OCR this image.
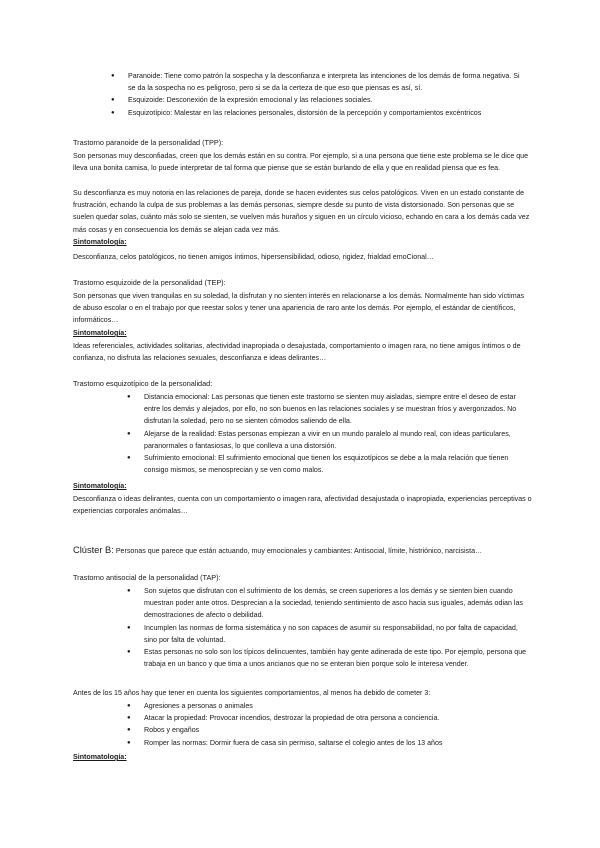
● Paranoide: Tiene como patrón la sospecha y la desconfianza e interpreta las intenciones de los demás de forma negativa. Si se da la sospecha no es peligroso, pero si se da la certeza de que eso que piensas es así, sí.
● Esquizoide: Desconexión de la expresión emocional y las relaciones sociales.
● Esquizotípico: Malestar en las relaciones personales, distorsión de la percepción y comportamientos excéntricos

Trastorno paranoide de la personalidad (TPP):

Son personas muy desconfiadas, creen que los demás están en su contra. Por ejemplo, si a una persona que tiene este problema se le dice que lleva una bonita camisa, lo puede interpretar de tal forma que piense que se están burlando de ella y que en realidad piensa que es fea.

Su desconfianza es muy notoria en las relaciones de pareja, donde se hacen evidentes sus celos patológicos. Viven en un estado constante de frustración, echando la culpa de sus problemas a las demás personas, siempre desde su punto de vista distorsionado. Son personas que se suelen quedar solas, cuánto más solo se sienten, se vuelven más huraños y siguen en un círculo vicioso, echando en cara a los demás cada vez más cosas y en consecuencia los demás se alejan cada vez más.

Sintomatología:

Desconfianza, celos patológicos, no tienen amigos íntimos, hipersensibilidad, odioso, rigidez, frialdad emoCional…

Trastorno esquizoide de la personalidad (TEP):

Son personas que viven tranquilas en su soledad, la disfrutan y no sienten interés en relacionarse a los demás. Normalmente han sido víctimas de abuso escolar o en el trabajo por que reestar solos y tener una apariencia de raro ante los demás. Por ejemplo, el estándar de científicos, informáticos…

Sintomatología:

Ideas referenciales, actividades solitarias, afectividad inapropiada o desajustada, comportamiento o imagen rara, no tiene amigos íntimos o de confianza, no disfruta las relaciones sexuales, desconfianza e ideas delirantes…

Trastorno esquizotípico de la personalidad:

● Distancia emocional: Las personas que tienen este trastorno se sienten muy aisladas, siempre entre el deseo de estar entre los demás y alejados, por ello, no son buenos en las relaciones sociales y se muestran fríos y avergonzados. No disfrutan la soledad, pero no se sienten cómodos saliendo de ella.
● Alejarse de la realidad: Estas personas empiezan a vivir en un mundo paralelo al mundo real, con ideas particulares, paranormales o fantasiosas, lo que conlleva a una distorsión.
● Sufrimiento emocional: El sufrimiento emocional que tienen los esquizotípicos se debe a la mala relación que tienen consigo mismos, se menosprecian y se ven como malos.

Sintomatología:

Desconfianza o ideas delirantes, cuenta con un comportamiento o imagen rara, afectividad desajustada o inapropiada, experiencias perceptivas o experiencias corporales anómalas…

Clúster B: Personas que parece que están actuando, muy emocionales y cambiantes: Antisocial, límite, histriónico, narcisista…

Trastorno antisocial de la personalidad (TAP):

● Son sujetos que disfrutan con el sufrimiento de los demás, se creen superiores a los demás y se sienten bien cuando muestran poder ante otros. Desprecian a la sociedad, teniendo sentimiento de asco hacia sus iguales, además odian las demostraciones de afecto o debilidad.
● Incumplen las normas de forma sistemática y no son capaces de asumir su responsabilidad, no por falta de capacidad, sino por falta de voluntad.
● Estas personas no solo son los típicos delincuentes, también hay gente adinerada de este tipo. Por ejemplo, persona que trabaja en un banco y que tima a unos ancianos que no se enteran bien porque solo le interesa vender.

Antes de los 15 años hay que tener en cuenta los siguientes comportamientos, al menos ha debido de cometer 3:

● Agresiones a personas o animales
● Atacar la propiedad: Provocar incendios, destrozar la propiedad de otra persona a conciencia.
● Robos y engaños
● Romper las normas: Dormir fuera de casa sin permiso, saltarse el colegio antes de los 13 años

Sintomatología:
